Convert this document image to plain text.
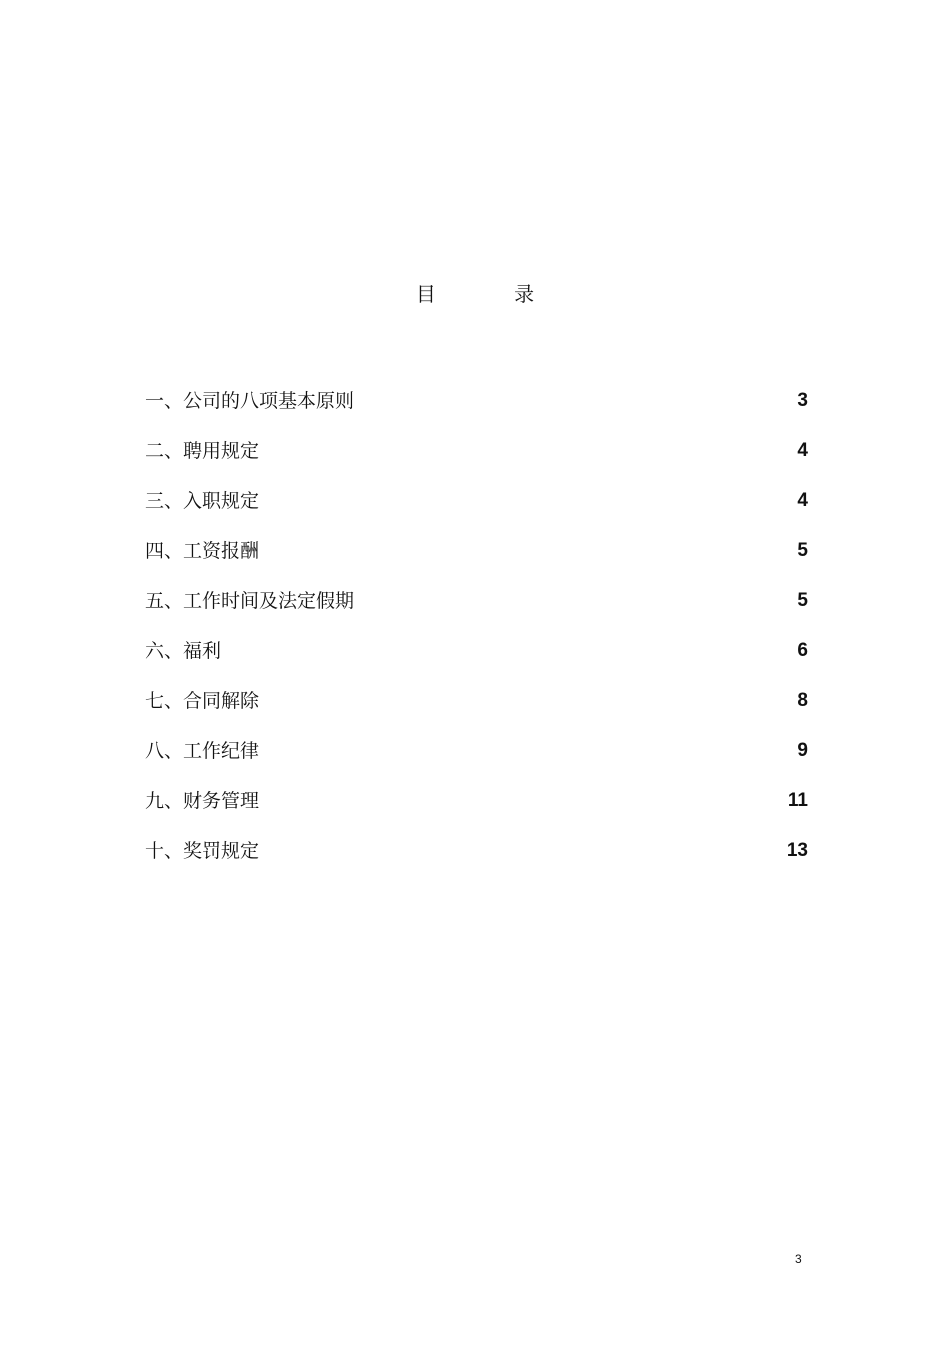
目 录
一、公司的八项基本原则	3
二、聘用规定	4
三、入职规定	4
四、工资报酬	5
五、工作时间及法定假期	5
六、福利	6
七、合同解除	8
八、工作纪律	9
九、财务管理	11
十、奖罚规定	13
3
